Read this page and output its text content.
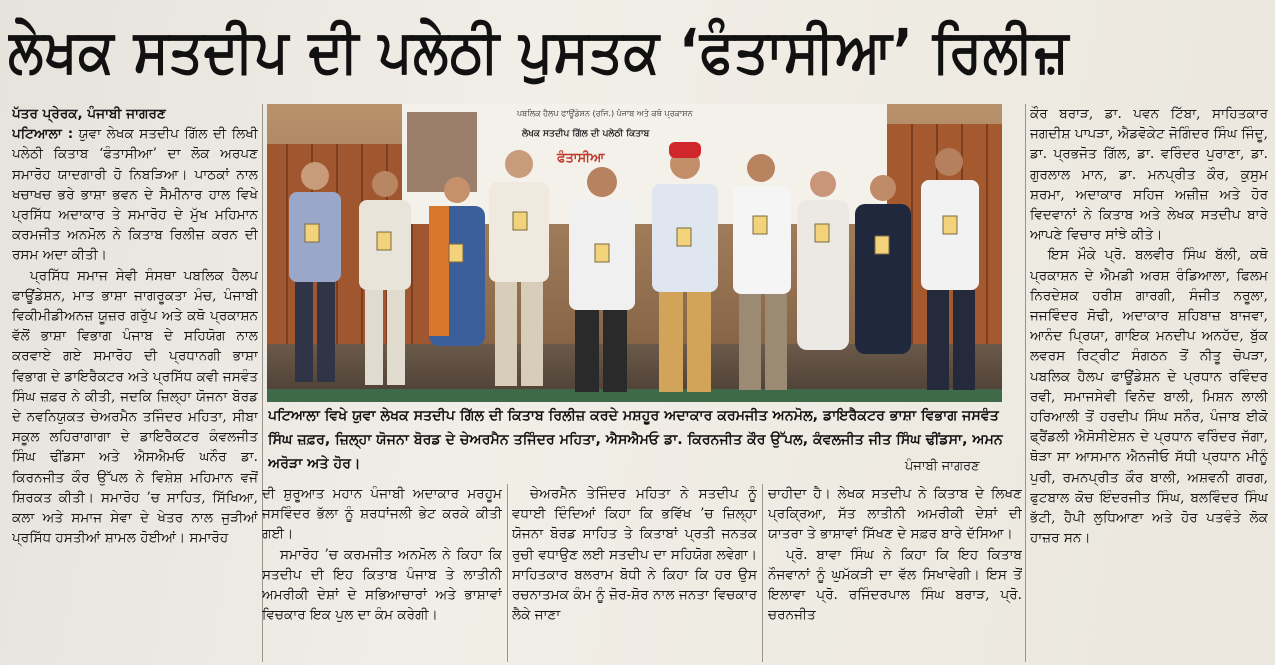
ਲੇਖਕ ਸਤਦੀਪ ਦੀ ਪਲੇਠੀ ਪੁਸਤਕ ‘ਫੰਤਾਸੀਆ’ ਰਿਲੀਜ਼

ਪੱਤਰ ਪ੍ਰੇਰਕ, ਪੰਜਾਬੀ ਜਾਗਰਣ

ਪਟਿਆਲਾ : ਯੁਵਾ ਲੇਖਕ ਸਤਦੀਪ ਗਿੱਲ ਦੀ ਲਿਖੀ ਪਲੇਠੀ ਕਿਤਾਬ ‘ਫੰਤਾਸੀਆ’ ਦਾ ਲੋਕ ਅਰਪਣ ਸਮਾਰੋਹ ਯਾਦਗਾਰੀ ਹੋ ਨਿਬੜਿਆ। ਪਾਠਕਾਂ ਨਾਲ ਖਚਾਖਚ ਭਰੇ ਭਾਸ਼ਾ ਭਵਨ ਦੇ ਸੈਮੀਨਾਰ ਹਾਲ ਵਿਖੇ ਪ੍ਰਸਿੱਧ ਅਦਾਕਾਰ ਤੇ ਸਮਾਰੋਹ ਦੇ ਮੁੱਖ ਮਹਿਮਾਨ ਕਰਮਜੀਤ ਅਨਮੋਲ ਨੇ ਕਿਤਾਬ ਰਿਲੀਜ਼ ਕਰਨ ਦੀ ਰਸਮ ਅਦਾ ਕੀਤੀ।

ਪ੍ਰਸਿੱਧ ਸਮਾਜ ਸੇਵੀ ਸੰਸਥਾ ਪਬਲਿਕ ਹੈਲਪ ਫਾਊਂਡੇਸ਼ਨ, ਮਾਤ ਭਾਸ਼ਾ ਜਾਗਰੂਕਤਾ ਮੰਚ, ਪੰਜਾਬੀ ਵਿਕੀਮੀਡੀਅਨਜ਼ ਯੂਜ਼ਰ ਗਰੁੱਪ ਅਤੇ ਕਥੋ ਪ੍ਰਕਾਸ਼ਨ ਵੱਲੋਂ ਭਾਸ਼ਾ ਵਿਭਾਗ ਪੰਜਾਬ ਦੇ ਸਹਿਯੋਗ ਨਾਲ ਕਰਵਾਏ ਗਏ ਸਮਾਰੋਹ ਦੀ ਪ੍ਰਧਾਨਗੀ ਭਾਸ਼ਾ ਵਿਭਾਗ ਦੇ ਡਾਇਰੈਕਟਰ ਅਤੇ ਪ੍ਰਸਿੱਧ ਕਵੀ ਜਸਵੰਤ ਸਿੰਘ ਜ਼ਫ਼ਰ ਨੇ ਕੀਤੀ, ਜਦਕਿ ਜ਼ਿਲ੍ਹਾ ਯੋਜਨਾ ਬੋਰਡ ਦੇ ਨਵਨਿਯੁਕਤ ਚੇਅਰਮੈਨ ਤਜਿੰਦਰ ਮਹਿਤਾ, ਸੀਬਾ ਸਕੂਲ ਲਹਿਰਾਗਾਗਾ ਦੇ ਡਾਇਰੈਕਟਰ ਕੰਵਲਜੀਤ ਸਿੰਘ ਢੀਂਡਸਾ ਅਤੇ ਐਸਐਮਓ ਘਨੌਰ ਡਾ. ਕਿਰਨਜੀਤ ਕੌਰ ਉੱਪਲ ਨੇ ਵਿਸ਼ੇਸ਼ ਮਹਿਮਾਨ ਵਜੋਂ ਸ਼ਿਰਕਤ ਕੀਤੀ। ਸਮਾਰੋਹ ’ਚ ਸਾਹਿਤ, ਸਿੱਖਿਆ, ਕਲਾ ਅਤੇ ਸਮਾਜ ਸੇਵਾ ਦੇ ਖੇਤਰ ਨਾਲ ਜੁੜੀਆਂ ਪ੍ਰਸਿੱਧ ਹਸਤੀਆਂ ਸ਼ਾਮਲ ਹੋਈਆਂ। ਸਮਾਰੋਹ

ਪਬਲਿਕ ਹੈਲਪ ਫਾਊਂਡੇਸ਼ਨ (ਰਜਿ.) ਪੰਜਾਬ ਅਤੇ ਕਥੋ ਪ੍ਰਕਾਸ਼ਨ
ਲੇਖਕ ਸਤਦੀਪ ਗਿੱਲ ਦੀ ਪਲੇਠੀ ਕਿਤਾਬ
ਫੰਤਾਸੀਆ
ਪਟਿਆਲਾ ਵਿਖੇ ਯੁਵਾ ਲੇਖਕ ਸਤਦੀਪ ਗਿੱਲ ਦੀ ਕਿਤਾਬ ਰਿਲੀਜ਼ ਕਰਦੇ ਮਸ਼ਹੂਰ ਅਦਾਕਾਰ ਕਰਮਜੀਤ ਅਨਮੋਲ, ਡਾਇਰੈਕਟਰ ਭਾਸ਼ਾ ਵਿਭਾਗ ਜਸਵੰਤ ਸਿੰਘ ਜ਼ਫ਼ਰ, ਜ਼ਿਲ੍ਹਾ ਯੋਜਨਾ ਬੋਰਡ ਦੇ ਚੇਅਰਮੈਨ ਤਜਿੰਦਰ ਮਹਿਤਾ, ਐਸਐਮਓ ਡਾ. ਕਿਰਨਜੀਤ ਕੌਰ ਉੱਪਲ, ਕੰਵਲਜੀਤ ਜੀਤ ਸਿੰਘ ਢੀਂਡਸਾ, ਅਮਨ ਅਰੋੜਾ ਅਤੇ ਹੋਰ।	ਪੰਜਾਬੀ ਜਾਗਰਣ

ਦੀ ਸ਼ੁਰੂਆਤ ਮਹਾਨ ਪੰਜਾਬੀ ਅਦਾਕਾਰ ਮਰਹੂਮ ਜਸਵਿੰਦਰ ਭੱਲਾ ਨੂੰ ਸ਼ਰਧਾਂਜਲੀ ਭੇਟ ਕਰਕੇ ਕੀਤੀ ਗਈ।

ਸਮਾਰੋਹ ’ਚ ਕਰਮਜੀਤ ਅਨਮੋਲ ਨੇ ਕਿਹਾ ਕਿ ਸਤਦੀਪ ਦੀ ਇਹ ਕਿਤਾਬ ਪੰਜਾਬ ਤੇ ਲਾਤੀਨੀ ਅਮਰੀਕੀ ਦੇਸ਼ਾਂ ਦੇ ਸਭਿਆਚਾਰਾਂ ਅਤੇ ਭਾਸ਼ਾਵਾਂ ਵਿਚਕਾਰ ਇਕ ਪੁਲ ਦਾ ਕੰਮ ਕਰੇਗੀ।

ਚੇਅਰਮੈਨ ਤੇਜਿੰਦਰ ਮਹਿਤਾ ਨੇ ਸਤਦੀਪ ਨੂੰ ਵਧਾਈ ਦਿੰਦਿਆਂ ਕਿਹਾ ਕਿ ਭਵਿੱਖ ’ਚ ਜ਼ਿਲ੍ਹਾ ਯੋਜਨਾ ਬੋਰਡ ਸਾਹਿਤ ਤੇ ਕਿਤਾਬਾਂ ਪ੍ਰਤੀ ਜਨਤਕ ਰੁਚੀ ਵਧਾਉਣ ਲਈ ਸਤਦੀਪ ਦਾ ਸਹਿਯੋਗ ਲਵੇਗਾ। ਸਾਹਿਤਕਾਰ ਬਲਰਾਮ ਬੋਧੀ ਨੇ ਕਿਹਾ ਕਿ ਹਰ ਉਸ ਰਚਨਾਤਮਕ ਕੰਮ ਨੂੰ ਜ਼ੋਰ-ਸ਼ੋਰ ਨਾਲ ਜਨਤਾ ਵਿਚਕਾਰ ਲੈਕੇ ਜਾਣਾ

ਚਾਹੀਦਾ ਹੈ। ਲੇਖਕ ਸਤਦੀਪ ਨੇ ਕਿਤਾਬ ਦੇ ਲਿਖਣ ਪ੍ਰਕ੍ਰਿਆ, ਸੱਤ ਲਾਤੀਨੀ ਅਮਰੀਕੀ ਦੇਸ਼ਾਂ ਦੀ ਯਾਤਰਾ ਤੇ ਭਾਸ਼ਾਵਾਂ ਸਿੱਖਣ ਦੇ ਸਫ਼ਰ ਬਾਰੇ ਦੱਸਿਆ।

ਪ੍ਰੋ. ਬਾਵਾ ਸਿੰਘ ਨੇ ਕਿਹਾ ਕਿ ਇਹ ਕਿਤਾਬ ਨੌਜਵਾਨਾਂ ਨੂੰ ਘੁਮੱਕੜੀ ਦਾ ਵੱਲ ਸਿਖਾਵੇਗੀ। ਇਸ ਤੋਂ ਇਲਾਵਾ ਪ੍ਰੋ. ਰਜਿੰਦਰਪਾਲ ਸਿੰਘ ਬਰਾੜ, ਪ੍ਰੋ. ਚਰਨਜੀਤ

ਕੌਰ ਬਰਾੜ, ਡਾ. ਪਵਨ ਟਿੱਬਾ, ਸਾਹਿਤਕਾਰ ਜਗਦੀਸ਼ ਪਾਪੜਾ, ਐਡਵੋਕੇਟ ਜੋਗਿੰਦਰ ਸਿੰਘ ਜਿੰਦੂ, ਡਾ. ਪ੍ਰਭਜੋਤ ਗਿੱਲ, ਡਾ. ਵਰਿੰਦਰ ਪੁਰਾਣਾ, ਡਾ. ਗੁਰਲਾਲ ਮਾਨ, ਡਾ. ਮਨਪ੍ਰੀਤ ਕੌਰ, ਕੁਸੁਮ ਸ਼ਰਮਾ, ਅਦਾਕਾਰ ਸਹਿਜ ਅਜ਼ੀਜ਼ ਅਤੇ ਹੋਰ ਵਿਦਵਾਨਾਂ ਨੇ ਕਿਤਾਬ ਅਤੇ ਲੇਖਕ ਸਤਦੀਪ ਬਾਰੇ ਆਪਣੇ ਵਿਚਾਰ ਸਾਂਝੇ ਕੀਤੇ।

ਇਸ ਮੌਕੇ ਪ੍ਰੋ. ਬਲਵੀਰ ਸਿੰਘ ਬੱਲੀ, ਕਥੋ ਪ੍ਰਕਾਸ਼ਨ ਦੇ ਐਮਡੀ ਅਰਸ਼ ਰੰਡਿਆਲਾ, ਫਿਲਮ ਨਿਰਦੇਸ਼ਕ ਹਰੀਸ਼ ਗਾਰਗੀ, ਸੰਜੀਤ ਨਰੂਲਾ, ਜਜਵਿੰਦਰ ਸੋਢੀ, ਅਦਾਕਾਰ ਸ਼ਹਿਬਾਜ਼ ਬਾਜਵਾ, ਆਨੰਦ ਪ੍ਰਿਯਾ, ਗਾਇਕ ਮਨਦੀਪ ਅਨਹੱਦ, ਬੁੱਕ ਲਵਰਸ ਰਿਟ੍ਰੀਟ ਸੰਗਠਨ ਤੋਂ ਨੀਤੂ ਚੋਪੜਾ, ਪਬਲਿਕ ਹੈਲਪ ਫਾਊਂਡੇਸ਼ਨ ਦੇ ਪ੍ਰਧਾਨ ਰਵਿੰਦਰ ਰਵੀ, ਸਮਾਜਸੇਵੀ ਵਿਨੋਦ ਬਾਲੀ, ਮਿਸ਼ਨ ਲਾਲੀ ਹਰਿਆਲੀ ਤੋਂ ਹਰਦੀਪ ਸਿੰਘ ਸਨੌਰ, ਪੰਜਾਬ ਈਕੋ ਫ੍ਰੈਂਡਲੀ ਐਸੋਸੀਏਸ਼ਨ ਦੇ ਪ੍ਰਧਾਨ ਵਰਿੰਦਰ ਜੱਗਾ, ਥੋੜਾ ਸਾ ਆਸਮਾਨ ਐਨਜੀਓ ਸੱਧੀ ਪ੍ਰਧਾਨ ਮੀਨੂੰ ਪੁਰੀ, ਰਮਨਪ੍ਰੀਤ ਕੌਰ ਬਾਲੀ, ਅਸ਼ਵਨੀ ਗਰਗ, ਫੁਟਬਾਲ ਕੋਚ ਇੰਦਰਜੀਤ ਸਿੰਘ, ਬਲਵਿੰਦਰ ਸਿੰਘ ਭੱਟੀ, ਹੈਪੀ ਲੁਧਿਆਣਾ ਅਤੇ ਹੋਰ ਪਤਵੰਤੇ ਲੋਕ ਹਾਜ਼ਰ ਸਨ।
